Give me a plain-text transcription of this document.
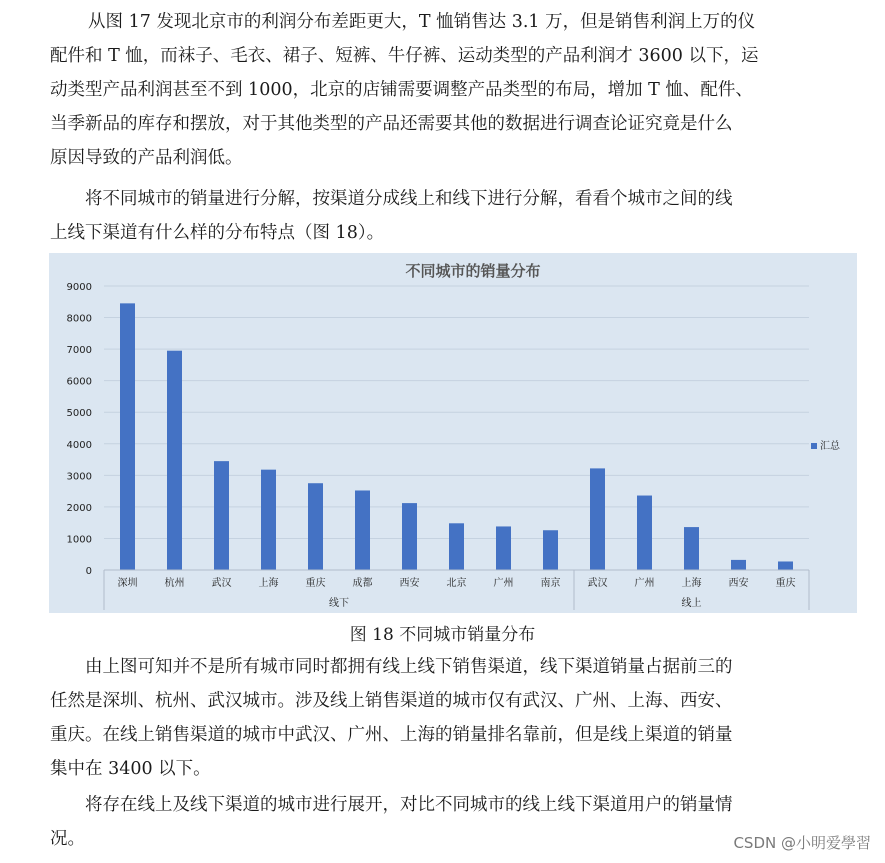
从图 17 发现北京市的利润分布差距更大，T 恤销售达 3.1 万，但是销售利润上万的仪
配件和 T 恤，而袜子、毛衣、裙子、短裤、牛仔裤、运动类型的产品利润才 3600 以下，运
动类型产品利润甚至不到 1000，北京的店铺需要调整产品类型的布局，增加 T 恤、配件、
当季新品的库存和摆放，对于其他类型的产品还需要其他的数据进行调查论证究竟是什么
原因导致的产品利润低。
　　将不同城市的销量进行分解，按渠道分成线上和线下进行分解，看看个城市之间的线
上线下渠道有什么样的分布特点（图 18）。
不同城市的销量分布
0
1000
2000
3000
4000
5000
6000
7000
8000
9000
深圳	杭州	武汉	上海	重庆	成都	西安	北京	广州	南京	武汉	广州	上海	西安	重庆
线下	线上
汇总
图 18 不同城市销量分布
　　由上图可知并不是所有城市同时都拥有线上线下销售渠道，线下渠道销量占据前三的
任然是深圳、杭州、武汉城市。涉及线上销售渠道的城市仅有武汉、广州、上海、西安、
重庆。在线上销售渠道的城市中武汉、广州、上海的销量排名靠前，但是线上渠道的销量
集中在 3400 以下。
　　将存在线上及线下渠道的城市进行展开，对比不同城市的线上线下渠道用户的销量情
况。	CSDN @小明爱學習
